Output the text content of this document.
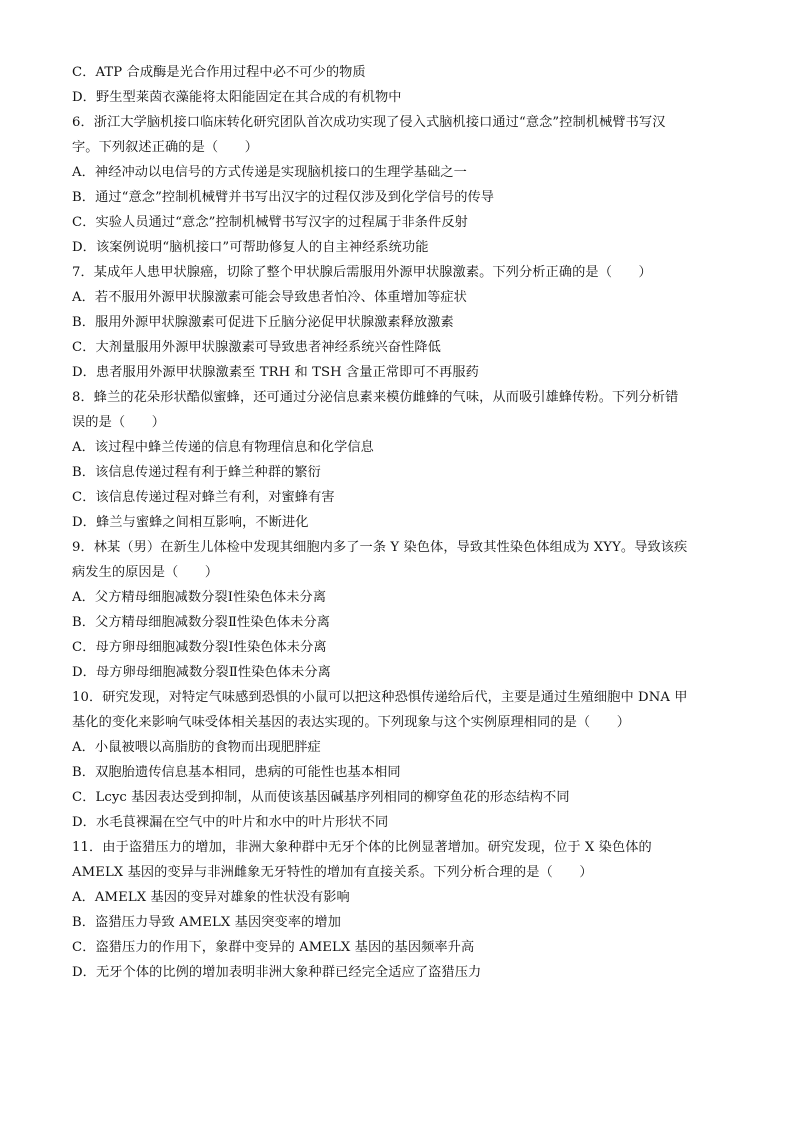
C．ATP 合成酶是光合作用过程中必不可少的物质
D．野生型莱茵衣藻能将太阳能固定在其合成的有机物中
6．浙江大学脑机接口临床转化研究团队首次成功实现了侵入式脑机接口通过“意念”控制机械臂书写汉
字。下列叙述正确的是（　　）
A．神经冲动以电信号的方式传递是实现脑机接口的生理学基础之一
B．通过“意念”控制机械臂并书写出汉字的过程仅涉及到化学信号的传导
C．实验人员通过“意念”控制机械臂书写汉字的过程属于非条件反射
D．该案例说明“脑机接口”可帮助修复人的自主神经系统功能
7．某成年人患甲状腺癌，切除了整个甲状腺后需服用外源甲状腺激素。下列分析正确的是（　　）
A．若不服用外源甲状腺激素可能会导致患者怕冷、体重增加等症状
B．服用外源甲状腺激素可促进下丘脑分泌促甲状腺激素释放激素
C．大剂量服用外源甲状腺激素可导致患者神经系统兴奋性降低
D．患者服用外源甲状腺激素至 TRH 和 TSH 含量正常即可不再服药
8．蜂兰的花朵形状酷似蜜蜂，还可通过分泌信息素来模仿雌蜂的气味，从而吸引雄蜂传粉。下列分析错
误的是（　　）
A．该过程中蜂兰传递的信息有物理信息和化学信息
B．该信息传递过程有利于蜂兰种群的繁衍
C．该信息传递过程对蜂兰有利，对蜜蜂有害
D．蜂兰与蜜蜂之间相互影响，不断进化
9．林某（男）在新生儿体检中发现其细胞内多了一条 Y 染色体，导致其性染色体组成为 XYY。导致该疾
病发生的原因是（　　）
A．父方精母细胞减数分裂Ⅰ性染色体未分离
B．父方精母细胞减数分裂Ⅱ性染色体未分离
C．母方卵母细胞减数分裂Ⅰ性染色体未分离
D．母方卵母细胞减数分裂Ⅱ性染色体未分离
10．研究发现，对特定气味感到恐惧的小鼠可以把这种恐惧传递给后代，主要是通过生殖细胞中 DNA 甲
基化的变化来影响气味受体相关基因的表达实现的。下列现象与这个实例原理相同的是（　　）
A．小鼠被喂以高脂肪的食物而出现肥胖症
B．双胞胎遗传信息基本相同，患病的可能性也基本相同
C．Lcyc 基因表达受到抑制，从而使该基因碱基序列相同的柳穿鱼花的形态结构不同
D．水毛茛裸漏在空气中的叶片和水中的叶片形状不同
11．由于盗猎压力的增加，非洲大象种群中无牙个体的比例显著增加。研究发现，位于 X 染色体的
AMELX 基因的变异与非洲雌象无牙特性的增加有直接关系。下列分析合理的是（　　）
A．AMELX 基因的变异对雄象的性状没有影响
B．盗猎压力导致 AMELX 基因突变率的增加
C．盗猎压力的作用下，象群中变异的 AMELX 基因的基因频率升高
D．无牙个体的比例的增加表明非洲大象种群已经完全适应了盗猎压力
